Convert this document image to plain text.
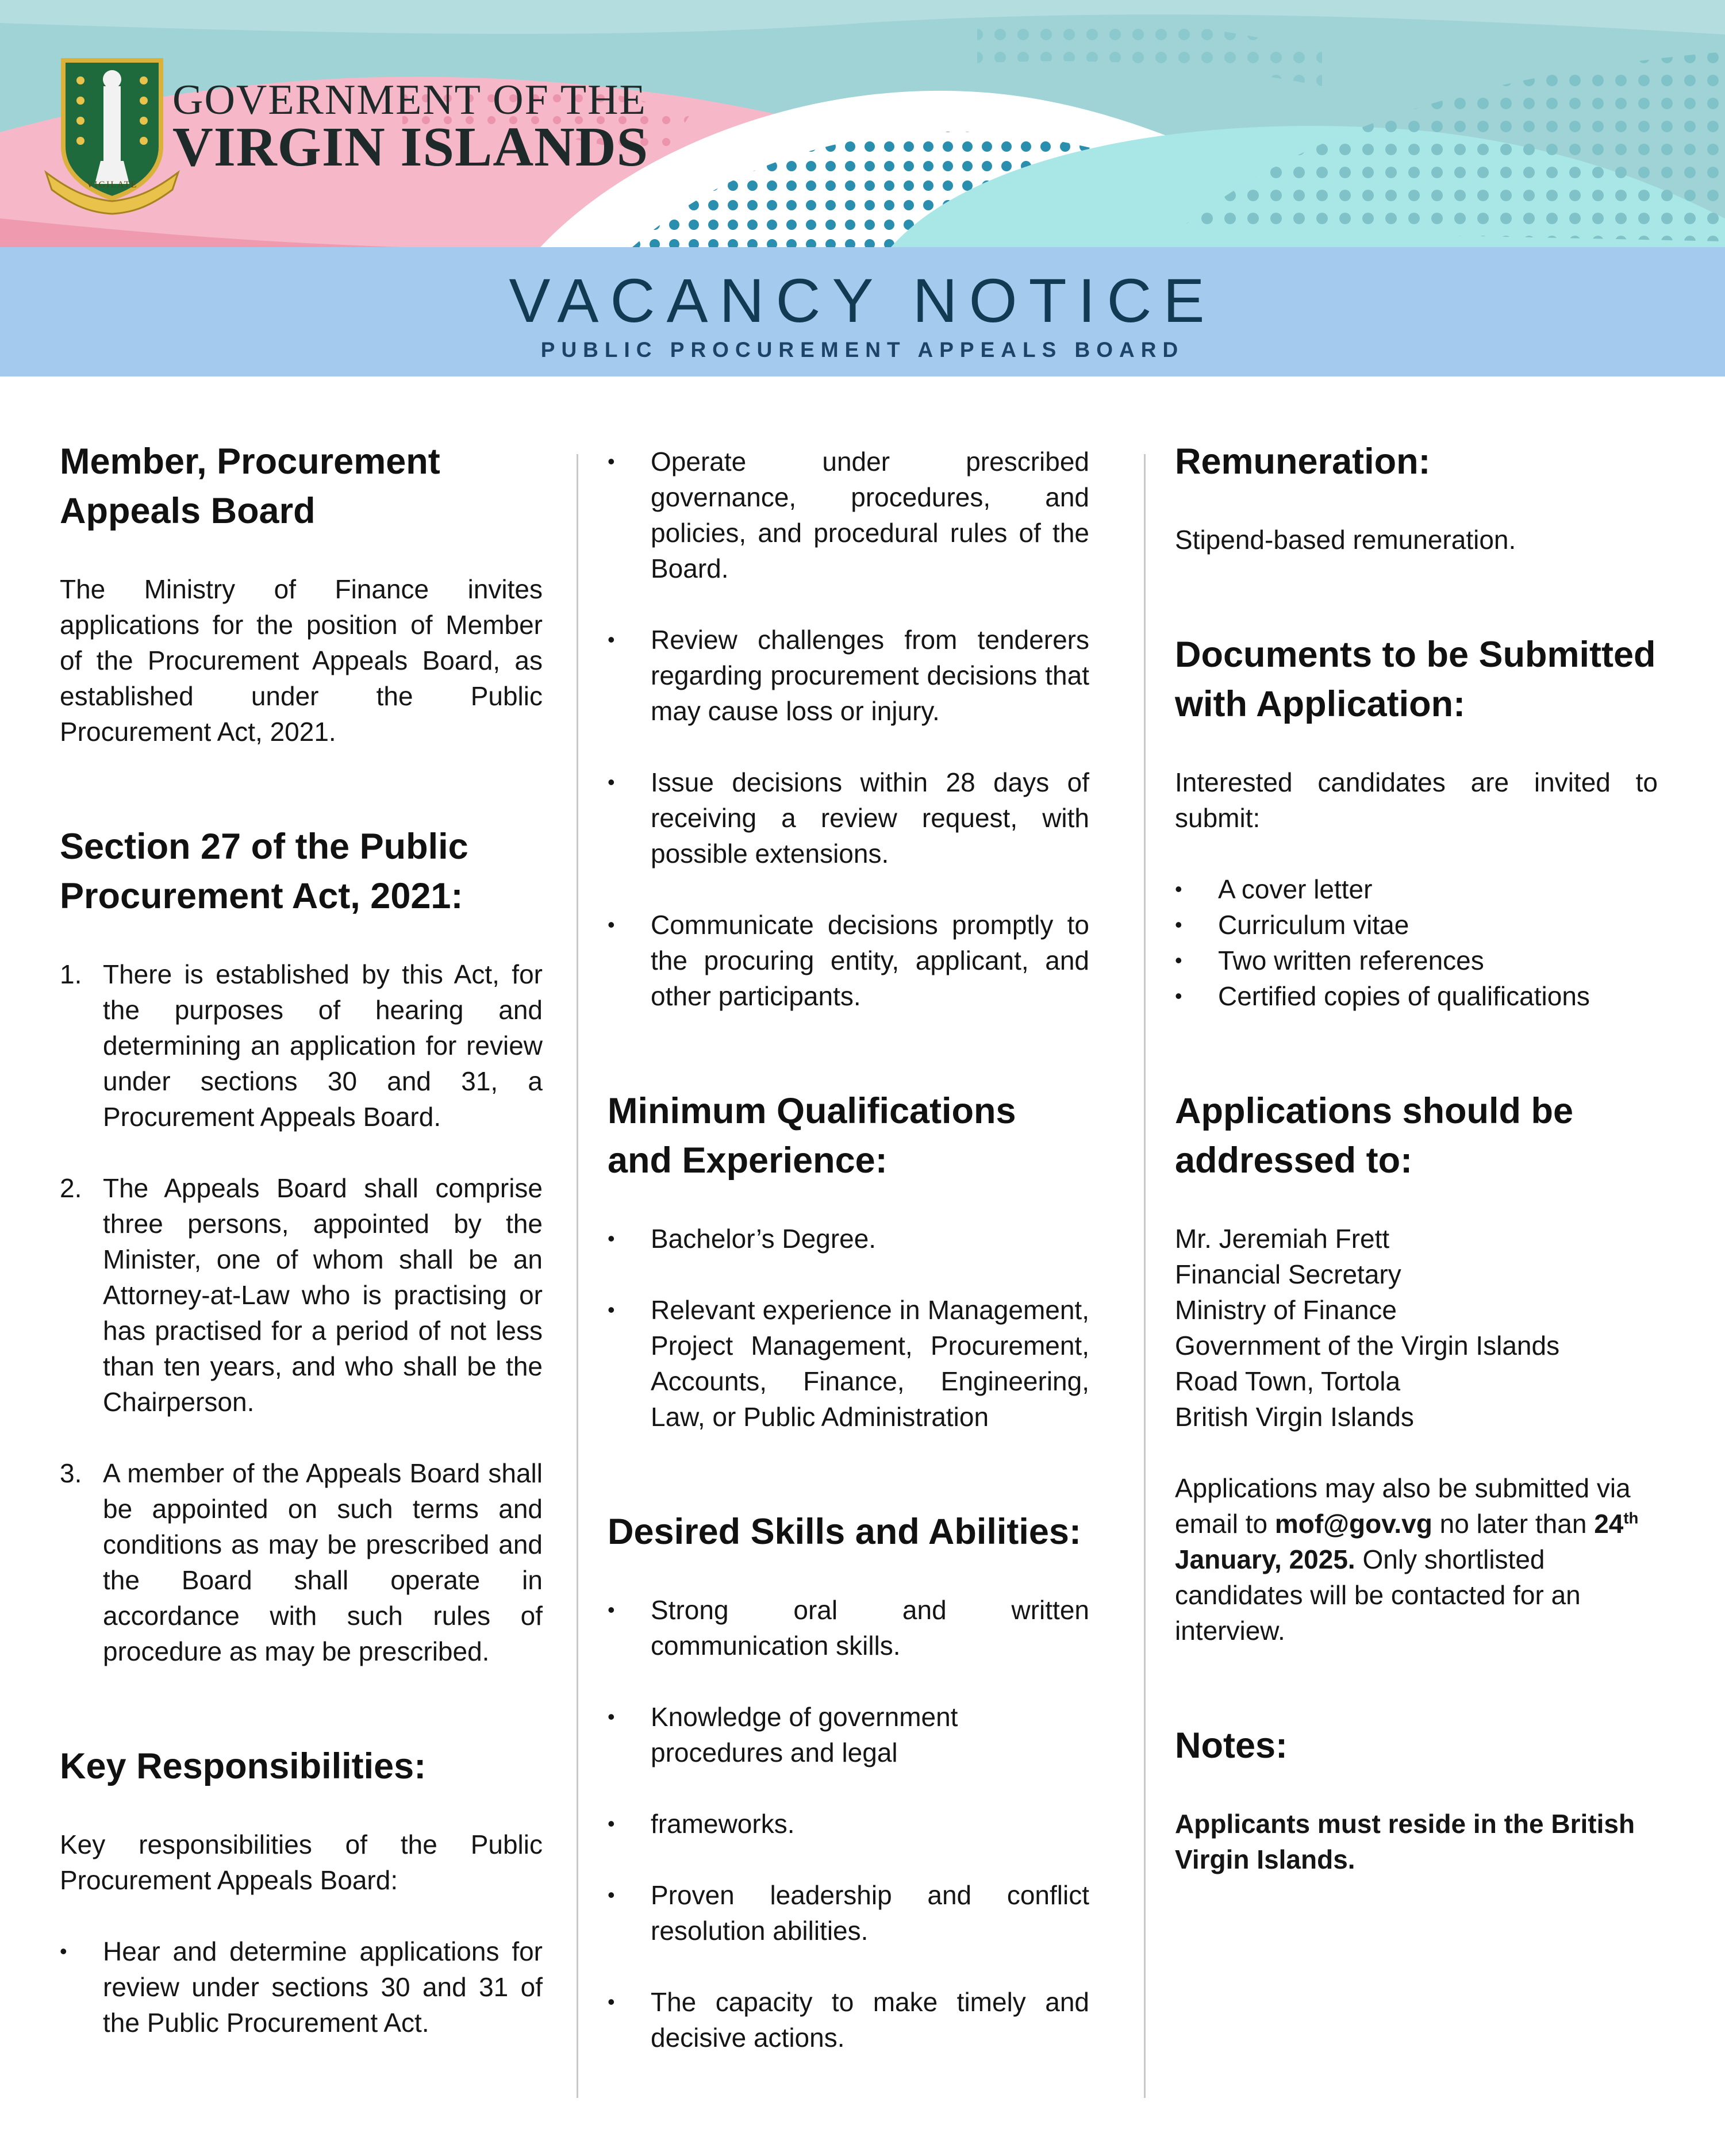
GOVERNMENT OF THE
VIRGIN ISLANDS
VIGILATE
VACANCY NOTICE
PUBLIC PROCUREMENT APPEALS BOARD
Member, Procurement Appeals Board

The Ministry of Finance invites applications for the position of Member of the Procurement Appeals Board, as established under the Public Procurement Act, 2021.

Section 27 of the Public Procurement Act, 2021:
1. There is established by this Act, for the purposes of hearing and determining an application for review under sections 30 and 31, a Procurement Appeals Board.
2. The Appeals Board shall comprise three persons, appointed by the Minister, one of whom shall be an Attorney-at-Law who is practising or has practised for a period of not less than ten years, and who shall be the Chairperson.
3. A member of the Appeals Board shall be appointed on such terms and conditions as may be prescribed and the Board shall operate in accordance with such rules of procedure as may be prescribed.
Key Responsibilities:

Key responsibilities of the Public Procurement Appeals Board:

• Hear and determine applications for review under sections 30 and 31 of the Public Procurement Act.
• Operate under prescribed governance, procedures, and policies, and procedural rules of the Board.
• Review challenges from tenderers regarding procurement decisions that may cause loss or injury.
• Issue decisions within 28 days of receiving a review request, with possible extensions.
• Communicate decisions promptly to the procuring entity, applicant, and other participants.
Minimum Qualifications and Experience:
• Bachelor’s Degree.
• Relevant experience in Management, Project Management, Procurement, Accounts, Finance, Engineering, Law, or Public Administration
Desired Skills and Abilities:
• Strong oral and written communication skills.
• Knowledge of government procedures and legal
• frameworks.
• Proven leadership and conflict resolution abilities.
• The capacity to make timely and decisive actions.
Remuneration:

Stipend-based remuneration.

Documents to be Submitted with Application:

Interested candidates are invited to submit:

• A cover letter
• Curriculum vitae
• Two written references
• Certified copies of qualifications
Applications should be addressed to:
Mr. Jeremiah Frett
Financial Secretary
Ministry of Finance
Government of the Virgin Islands
Road Town, Tortola
British Virgin Islands

Applications may also be submitted via email to mof@gov.vg no later than 24th January, 2025. Only shortlisted candidates will be contacted for an interview.

Notes:

Applicants must reside in the British Virgin Islands.
